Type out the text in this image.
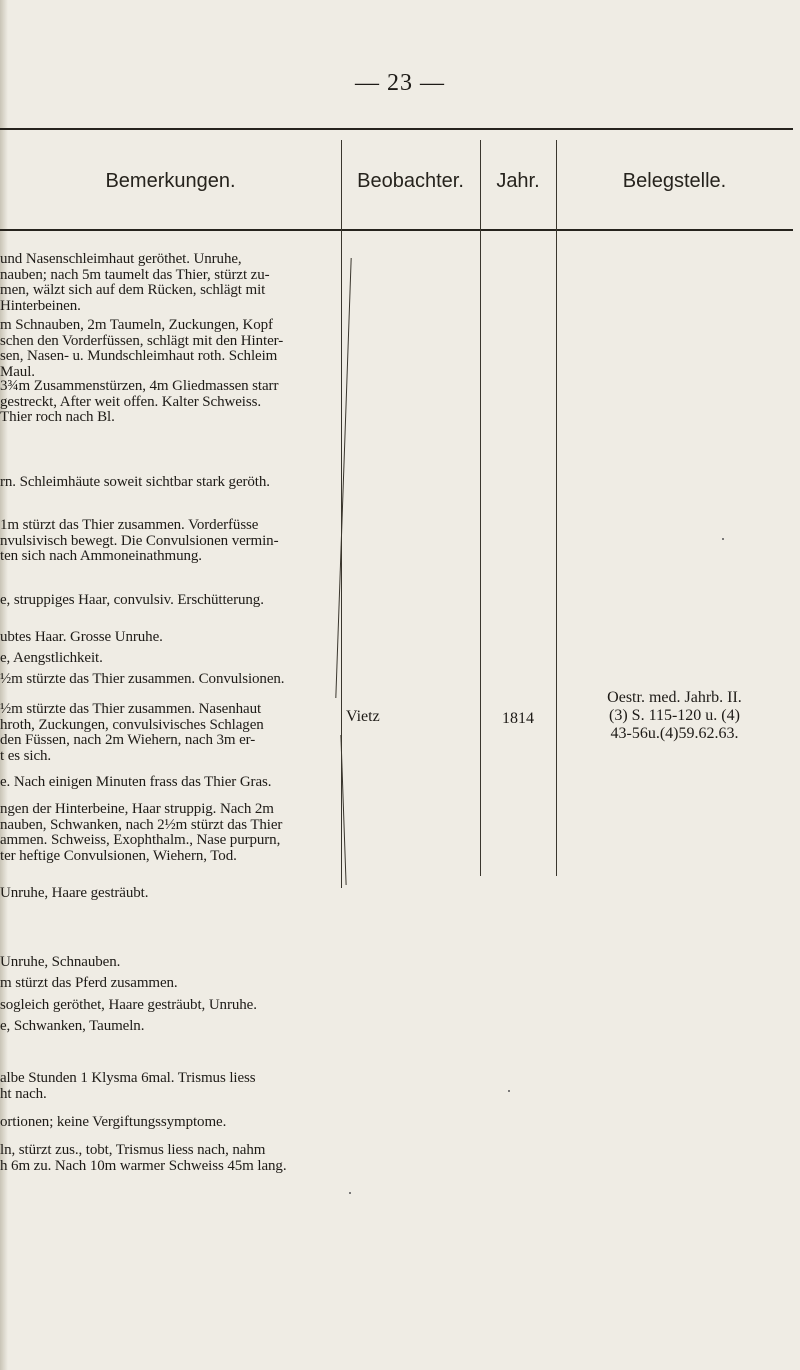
— 23 —
Bemerkungen.	Beobachter.	Jahr.	Belegstelle.
und Nasenschleimhaut geröthet. Unruhe,
nauben; nach 5m taumelt das Thier, stürzt zu-
men, wälzt sich auf dem Rücken, schlägt mit
Hinterbeinen.
m Schnauben, 2m Taumeln, Zuckungen, Kopf
schen den Vorderfüssen, schlägt mit den Hinter-
sen, Nasen- u. Mundschleimhaut roth. Schleim
Maul.
3¾m Zusammenstürzen, 4m Gliedmassen starr
gestreckt, After weit offen. Kalter Schweiss.
Thier roch nach Bl.
rn. Schleimhäute soweit sichtbar stark geröth.
1m stürzt das Thier zusammen. Vorderfüsse
nvulsivisch bewegt. Die Convulsionen vermin-
ten sich nach Ammoneinathmung.
e, struppiges Haar, convulsiv. Erschütterung.
ubtes Haar. Grosse Unruhe.
e, Aengstlichkeit.
½m stürzte das Thier zusammen. Convulsionen.
½m stürzte das Thier zusammen. Nasenhaut
hroth, Zuckungen, convulsivisches Schlagen
den Füssen, nach 2m Wiehern, nach 3m er-
t es sich.
e. Nach einigen Minuten frass das Thier Gras.
ngen der Hinterbeine, Haar struppig. Nach 2m
nauben, Schwanken, nach 2½m stürzt das Thier
ammen. Schweiss, Exophthalm., Nase purpurn,
ter heftige Convulsionen, Wiehern, Tod.
Unruhe, Haare gesträubt.
Unruhe, Schnauben.
m stürzt das Pferd zusammen.
sogleich geröthet, Haare gesträubt, Unruhe.
e, Schwanken, Taumeln.
albe Stunden 1 Klysma 6mal. Trismus liess
ht nach.
ortionen; keine Vergiftungssymptome.
ln, stürzt zus., tobt, Trismus liess nach, nahm
h 6m zu. Nach 10m warmer Schweiss 45m lang.
Vietz	1814
Oestr. med. Jahrb. II.
(3) S. 115-120 u. (4)
43-56u.(4)59.62.63.
